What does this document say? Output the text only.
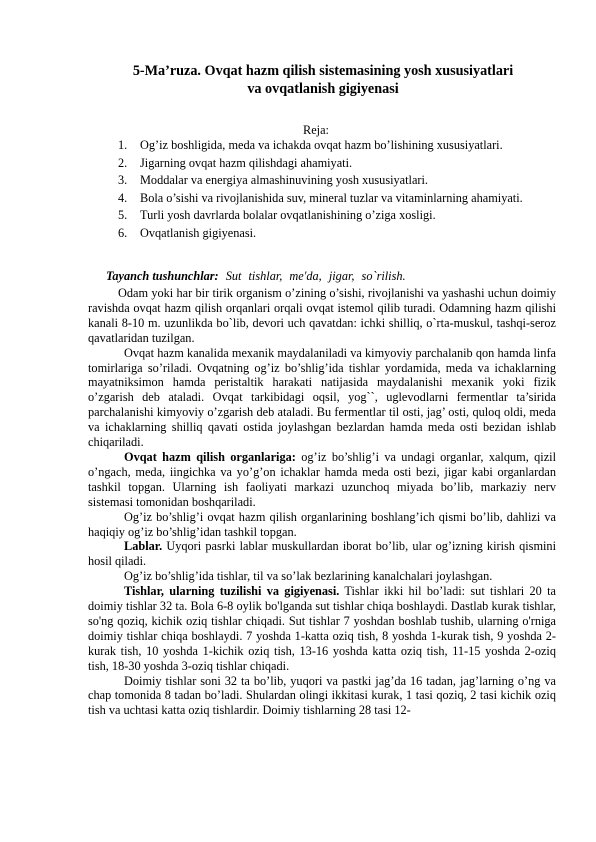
5-Ma’ruza. Ovqat hazm qilish sistemasining yosh xususiyatlari
va ovqatlanish gigiyenasi
Reja:
1. Og’iz boshligida, meda va ichakda ovqat hazm bo’lishining xususiyatlari.
2. Jigarning ovqat hazm qilishdagi ahamiyati.
3. Moddalar va energiya almashinuvining yosh xususiyatlari.
4. Bola o’sishi va rivojlanishida suv, mineral tuzlar va vitaminlarning ahamiyati.
5. Turli yosh davrlarda bolalar ovqatlanishining o’ziga xosligi.
6. Ovqatlanish gigiyenasi.
Tayanch tushunchlar: Sut tishlar, me'da, jigar, so`rilish.

Odam yoki har bir tirik organism o’zining o’sishi, rivojlanishi va yashashi uchun doimiy ravishda ovqat hazm qilish orqanlari orqali ovqat istemol qilib turadi. Odamning hazm qilishi kanali 8-10 m. uzunlikda bo`lib, devori uch qavatdan: ichki shilliq, o`rta-muskul, tashqi-seroz qavatlaridan tuzilgan.

Ovqat hazm kanalida mexanik maydalaniladi va kimyoviy parchalanib qon hamda linfa tomirlariga so’riladi. Ovqatning og’iz bo’shlig’ida tishlar yordamida, meda va ichaklarning mayatniksimon hamda peristaltik harakati natijasida maydalanishi mexanik yoki fizik o’zgarish deb ataladi. Ovqat tarkibidagi oqsil, yog``, uglevodlarni fermentlar ta’sirida parchalanishi kimyoviy o’zgarish deb ataladi. Bu fermentlar til osti, jag’ osti, quloq oldi, meda va ichaklarning shilliq qavati ostida joylashgan bezlardan hamda meda osti bezidan ishlab chiqariladi.

Ovqat hazm qilish organlariga: og’iz bo’shlig’i va undagi organlar, xalqum, qizil o’ngach, meda, iingichka va yo’g’on ichaklar hamda meda osti bezi, jigar kabi organlardan tashkil topgan. Ularning ish faoliyati markazi uzunchoq miyada bo’lib, markaziy nerv sistemasi tomonidan boshqariladi.

Og’iz bo’shlig’i ovqat hazm qilish organlarining boshlang’ich qismi bo’lib, dahlizi va haqiqiy og’iz bo’shlig’idan tashkil topgan.

Lablar. Uyqori pasrki lablar muskullardan iborat bo’lib, ular og’izning kirish qismini hosil qiladi.

Og’iz bo’shlig’ida tishlar, til va so’lak bezlarining kanalchalari joylashgan.

Tishlar, ularning tuzilishi va gigiyenasi. Tishlar ikki hil bo’ladi: sut tishlari 20 ta doimiy tishlar 32 ta. Bola 6-8 oylik bo'lganda sut tishlar chiqa boshlaydi. Dastlab kurak tishlar, so'ng qoziq, kichik oziq tishlar chiqadi. Sut tishlar 7 yoshdan boshlab tushib, ularning o'rniga doimiy tishlar chiqa boshlaydi. 7 yoshda 1-katta oziq tish, 8 yoshda 1-kurak tish, 9 yoshda 2-kurak tish, 10 yoshda 1-kichik oziq tish, 13-16 yoshda katta oziq tish, 11-15 yoshda 2-oziq tish, 18-30 yoshda 3-oziq tishlar chiqadi.

Doimiy tishlar soni 32 ta bo’lib, yuqori va pastki jag’da 16 tadan, jag’larning o’ng va chap tomonida 8 tadan bo’ladi. Shulardan olingi ikkitasi kurak, 1 tasi qoziq, 2 tasi kichik oziq tish va uchtasi katta oziq tishlardir. Doimiy tishlarning 28 tasi 12-
